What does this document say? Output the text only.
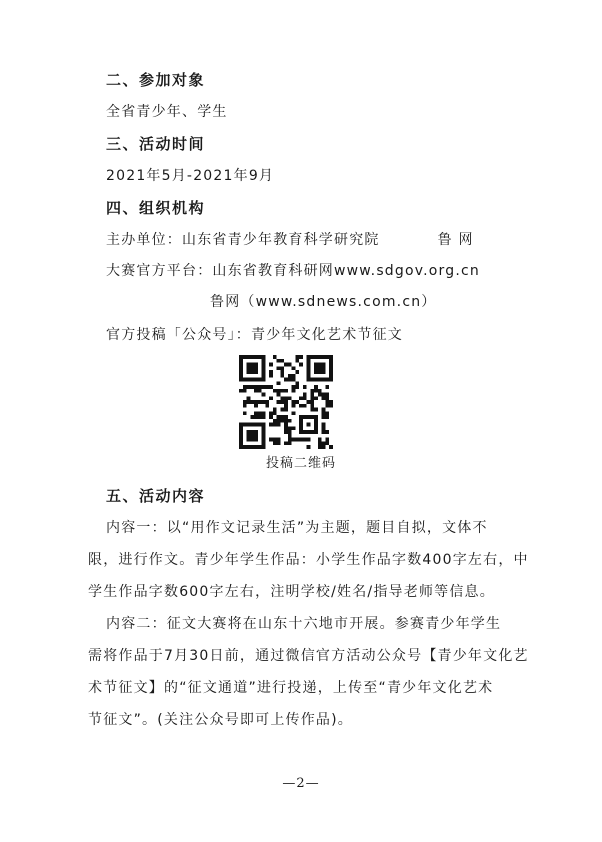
二、参加对象
全省青少年、学生
三、活动时间
2021年5月-2021年9月
四、组织机构
主办单位：山东省青少年教育科学研究院	鲁 网
大赛官方平台：山东省教育科研网www.sdgov.org.cn
鲁网（www.sdnews.com.cn）
官方投稿「公众号」：青少年文化艺术节征文
投稿二维码
五、活动内容
内容一：以“用作文记录生活”为主题，题目自拟，文体不
限，进行作文。青少年学生作品：小学生作品字数400字左右，中
学生作品字数600字左右，注明学校/姓名/指导老师等信息。
内容二：征文大赛将在山东十六地市开展。参赛青少年学生
需将作品于7月30日前，通过微信官方活动公众号【青少年文化艺
术节征文】的“征文通道”进行投递，上传至“青少年文化艺术
节征文”。(关注公众号即可上传作品)。
—2—
